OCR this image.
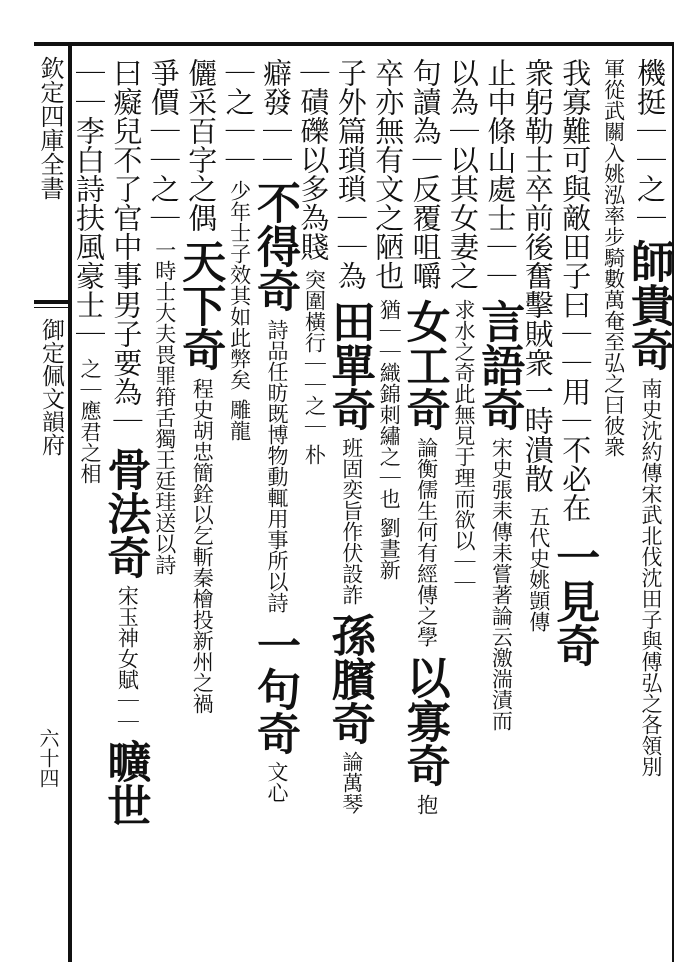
欽定四庫全書
御定佩文韻府
六十四
機挺｜｜之｜
師貴奇
南史沈約傳宋武北伐沈田子與傅弘之各領別
軍從武關入姚泓率步騎數萬奄至弘之曰彼衆
我寡難可與敵田子曰｜｜用｜不必在
一見奇
衆躬勒士卒前後奮擊賊衆一時潰散
五代史姚顗傳
止中條山處士｜｜
言語奇
宋史張耒傳耒嘗著論云激湍漬而
以為｜以其女妻之
求水之奇此無見于理而欲以｜｜
句讀為｜反覆咀嚼
女工奇
論衡儒生何有經傳之學
以寡奇
抱
卒亦無有文之陋也
猶｜｜織錦刺繡之｜也
劉晝新
子外篇瑣瑣｜｜為
田單奇
班固奕旨作伏設詐
孫臏奇
論萬琴
｜磧礫以多為賤
突圍橫行｜｜之｜
朴
癖發｜｜
不得奇
詩品任昉既博物動輒用事所以詩
一句奇
文心
｜之｜｜
少年士子效其如此弊矣
雕龍
儷采百字之偶
天下奇
程史胡忠簡銓以乞斬秦檜投新州之禍
爭價｜｜之｜
一時士大夫畏罪箝舌獨王廷珪送以詩
曰癡兒不了官中事男子要為｜
骨法奇
宋玉神女賦｜｜
曠世
｜｜李白詩扶風豪士｜
之｜應君之相
